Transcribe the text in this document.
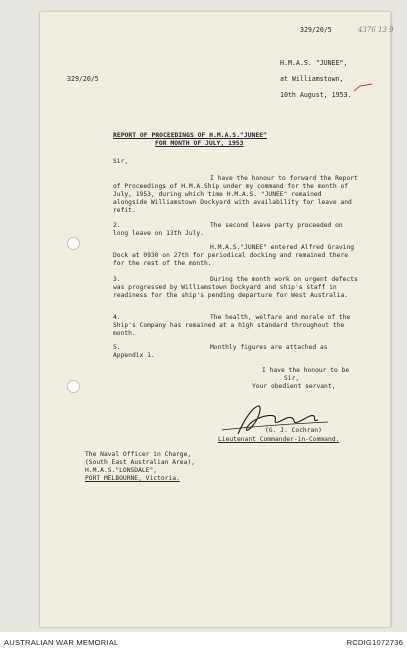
329/20/5	4376 13 9
329/20/5
H.M.A.S. "JUNEE",
at Williamstown,
10th August, 1953.
REPORT OF PROCEEDINGS OF H.M.A.S."JUNEE"
FOR MONTH OF JULY, 1953
Sir,
I have the honour to forward the Report of Proceedings of H.M.A.Ship under my command for the month of July, 1953, during which time H.M.A.S. "JUNEE" remained alongside Williamstown Dockyard with availability for leave and refit.
2.	The second leave party proceeded on long leave on 13th July.
H.M.A.S."JUNEE" entered Alfred Graving Dock at 0930 on 27th for periodical docking and remained there for the rest of the month.
3.	During the month work on urgent defects was progressed by Williamstown Dockyard and ship's staff in readiness for the ship's pending departure for West Australia.
4.	The health, welfare and morale of the Ship's Company has remained at a high standard throughout the month.
5.	Monthly figures are attached as Appendix 1.
I have the honour to be
Sir,
Your obedient servant,
(G. J. Cochran)
Lieutenant Commander-in-Command.
The Naval Officer in Charge,
(South East Australian Area),
H.M.A.S."LONSDALE",
PORT MELBOURNE, Victoria.
AUSTRALIAN WAR MEMORIAL	RCDIG1072736
